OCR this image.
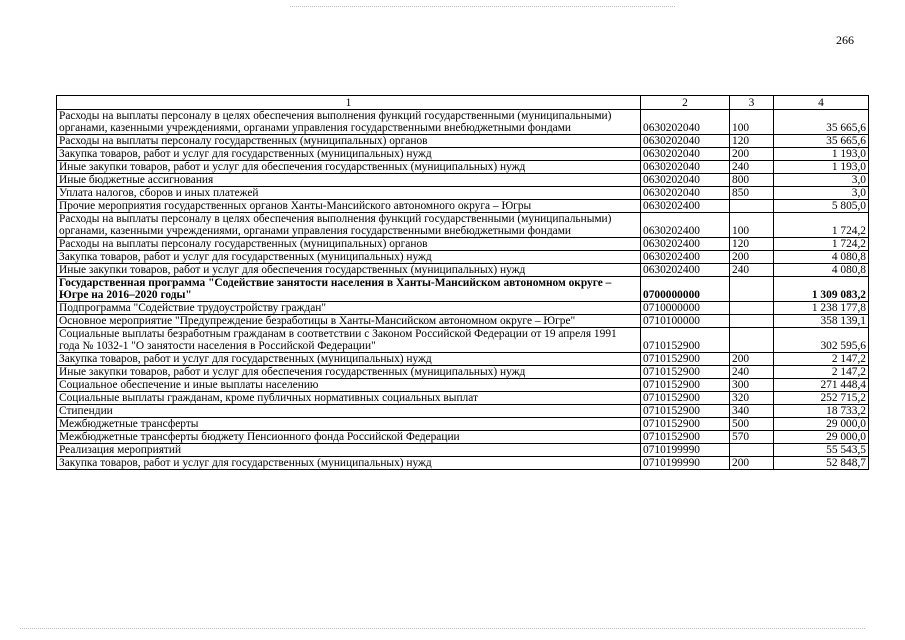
266
1	2	3	4
Расходы на выплаты персоналу в целях обеспечения выполнения функций государственными (муниципальными) органами, казенными учреждениями, органами управления государственными внебюджетными фондами	0630202040	100	35 665,6
Расходы на выплаты персоналу государственных (муниципальных) органов	0630202040	120	35 665,6
Закупка товаров, работ и услуг для государственных (муниципальных) нужд	0630202040	200	1 193,0
Иные закупки товаров, работ и услуг для обеспечения государственных (муниципальных) нужд	0630202040	240	1 193,0
Иные бюджетные ассигнования	0630202040	800	3,0
Уплата налогов, сборов и иных платежей	0630202040	850	3,0
Прочие мероприятия государственных органов Ханты-Мансийского автономного округа – Югры	0630202400		5 805,0
Расходы на выплаты персоналу в целях обеспечения выполнения функций государственными (муниципальными) органами, казенными учреждениями, органами управления государственными внебюджетными фондами	0630202400	100	1 724,2
Расходы на выплаты персоналу государственных (муниципальных) органов	0630202400	120	1 724,2
Закупка товаров, работ и услуг для государственных (муниципальных) нужд	0630202400	200	4 080,8
Иные закупки товаров, работ и услуг для обеспечения государственных (муниципальных) нужд	0630202400	240	4 080,8
Государственная программа "Содействие занятости населения в Ханты-Мансийском автономном округе – Югре на 2016–2020 годы"	0700000000		1 309 083,2
Подпрограмма "Содействие трудоустройству граждан"	0710000000		1 238 177,8
Основное мероприятие "Предупреждение безработицы в Ханты-Мансийском автономном округе – Югре"	0710100000		358 139,1
Социальные выплаты безработным гражданам в соответствии с Законом Российской Федерации от 19 апреля 1991 года № 1032-1 "О занятости населения в Российской Федерации"	0710152900		302 595,6
Закупка товаров, работ и услуг для государственных (муниципальных) нужд	0710152900	200	2 147,2
Иные закупки товаров, работ и услуг для обеспечения государственных (муниципальных) нужд	0710152900	240	2 147,2
Социальное обеспечение и иные выплаты населению	0710152900	300	271 448,4
Социальные выплаты гражданам, кроме публичных нормативных социальных выплат	0710152900	320	252 715,2
Стипендии	0710152900	340	18 733,2
Межбюджетные трансферты	0710152900	500	29 000,0
Межбюджетные трансферты бюджету Пенсионного фонда Российской Федерации	0710152900	570	29 000,0
Реализация мероприятий	0710199990		55 543,5
Закупка товаров, работ и услуг для государственных (муниципальных) нужд	0710199990	200	52 848,7
